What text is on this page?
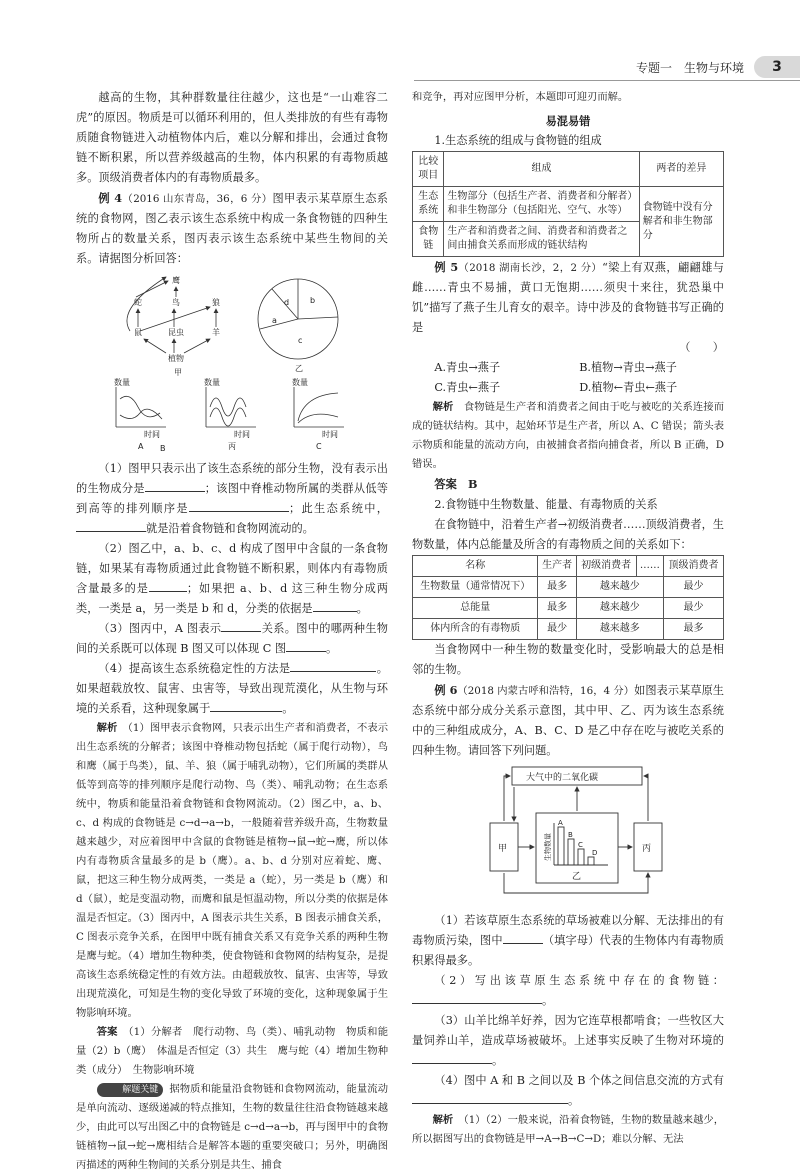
专题一　生物与环境	3

越高的生物，其种群数量往往越少，这也是“一山难容二虎”的原因。物质是可以循环利用的，但人类排放的有些有毒物质随食物链进入动植物体内后，难以分解和排出，会通过食物链不断积累，所以营养级越高的生物，体内积累的有毒物质越多。顶级消费者体内的有毒物质最多。

例 4（2016 山东青岛，36，6 分）图甲表示某草原生态系统的食物网，图乙表示该生态系统中构成一条食物链的四种生物所占的数量关系，图丙表示该生态系统中某些生物间的关系。请据图分析回答：

鹰
蛇	鸟	狼
鼠	昆虫	羊
植物
甲
d	b
a
c
乙
数量
时间
A
数量
时间
丙
数量
时间
C
B

（1）图甲只表示出了该生态系统的部分生物，没有表示出的生物成分是	；该图中脊椎动物所属的类群从低等到高等的排列顺序是	；此生态系统中，就是沿着食物链和食物网流动的。

（2）图乙中，a、b、c、d 构成了图甲中含鼠的一条食物链，如果某有毒物质通过此食物链不断积累，则体内有毒物质含量最多的是	；如果把 a、b、d 这三种生物分成两类，一类是 a，另一类是 b 和 d，分类的依据是	。

（3）图丙中，A 图表示	关系。图中的哪两种生物间的关系既可以体现 B 图又可以体现 C 图	。

（4）提高该生态系统稳定性的方法是	。如果超载放牧、鼠害、虫害等，导致出现荒漠化，从生物与环境的关系看，这种现象属于	。

解析　 （1）图甲表示食物网，只表示出生产者和消费者，不表示出生态系统的分解者；该图中脊椎动物包括蛇（属于爬行动物），鸟和鹰（属于鸟类），鼠、羊、狼（属于哺乳动物），它们所属的类群从低等到高等的排列顺序是爬行动物、鸟（类）、哺乳动物；在生态系统中，物质和能量沿着食物链和食物网流动。（2）图乙中，a、b、c、d 构成的食物链是 c→d→a→b，一般随着营养级升高，生物数量越来越少，对应着图甲中含鼠的食物链是植物→鼠→蛇→鹰，所以体内有毒物质含量最多的是 b（鹰）。a、b、d 分别对应着蛇、鹰、鼠，把这三种生物分成两类，一类是 a（蛇），另一类是 b（鹰）和 d（鼠），蛇是变温动物，而鹰和鼠是恒温动物，所以分类的依据是体温是否恒定。（3）图丙中，A 图表示共生关系，B 图表示捕食关系，C 图表示竞争关系，在图甲中既有捕食关系又有竞争关系的两种生物是鹰与蛇。（4）增加生物种类，使食物链和食物网的结构复杂，是提高该生态系统稳定性的有效方法。由超载放牧、鼠害、虫害等，导致出现荒漠化，可知是生物的变化导致了环境的变化，这种现象属于生物影响环境。

答案　 （1）分解者　爬行动物、鸟（类）、哺乳动物　物质和能量（2）b（鹰）　体温是否恒定（3）共生　鹰与蛇（4）增加生物种类（成分）　生物影响环境

解题关键 据物质和能量沿食物链和食物网流动，能量流动是单向流动、逐级递减的特点推知，生物的数量往往沿食物链越来越少，由此可以写出图乙中的食物链是 c→d→a→b，再与图甲中的食物链植物→鼠→蛇→鹰相结合是解答本题的重要突破口；另外，明确图丙描述的两种生物间的关系分别是共生、捕食

和竞争，再对应图甲分析，本题即可迎刃而解。

易混易错

1.生态系统的组成与食物链的组成

比较项目	组成	两者的差异
生态系统	生物部分（包括生产者、消费者和分解者）和非生物部分（包括阳光、空气、水等）	食物链中没有分解者和非生物部分
食物链	生产者和消费者之间、消费者和消费者之间由捕食关系而形成的链状结构	

例 5（2018 湖南长沙，2，2 分）“梁上有双燕，翩翩雄与雌……青虫不易捕，黄口无饱期……须臾十来往，犹恐巢中饥”描写了燕子生儿育女的艰辛。诗中涉及的食物链书写正确的是

（　　）

A.青虫→燕子	B.植物→青虫→燕子
C.青虫←燕子	D.植物←青虫←燕子

解析　 食物链是生产者和消费者之间由于吃与被吃的关系连接而成的链状结构。其中，起始环节是生产者，所以 A、C 错误；箭头表示物质和能量的流动方向，由被捕食者指向捕食者，所以 B 正确，D 错误。

答案　 B

2.食物链中生物数量、能量、有毒物质的关系

在食物链中，沿着生产者→初级消费者……顶级消费者，生物数量，体内总能量及所含的有毒物质之间的关系如下：

名称	生产者	初级消费者	……	顶级消费者
生物数量（通常情况下）	最多	越来越少		最少
总能量	最多	越来越少		最少
体内所含的有毒物质	最少	越来越多		最多

当食物网中一种生物的数量变化时，受影响最大的总是相邻的生物。

例 6（2018 内蒙古呼和浩特，16，4 分）如图表示某草原生态系统中部分成分关系示意图，其中甲、乙、丙为该生态系统中的三种组成成分，A、B、C、D 是乙中存在吃与被吃关系的四种生物。请回答下列问题。

大气中的二氧化碳
甲
乙
生物数量
A
B
C
D	丙

（1）若该草原生态系统的草场被难以分解、无法排出的有毒物质污染，图中	（填字母）代表的生物体内有毒物质积累得最多。

（2）写出该草原生态系统中存在的食物链：。

（3）山羊比绵羊好养，因为它连草根都啃食；一些牧区大量饲养山羊，造成草场被破坏。上述事实反映了生物对环境的。

（4）图中 A 和 B 之间以及 B 个体之间信息交流的方式有。

解析　 （1）（2）一般来说，沿着食物链，生物的数量越来越少，所以据图写出的食物链是甲→A→B→C→D；难以分解、无法
